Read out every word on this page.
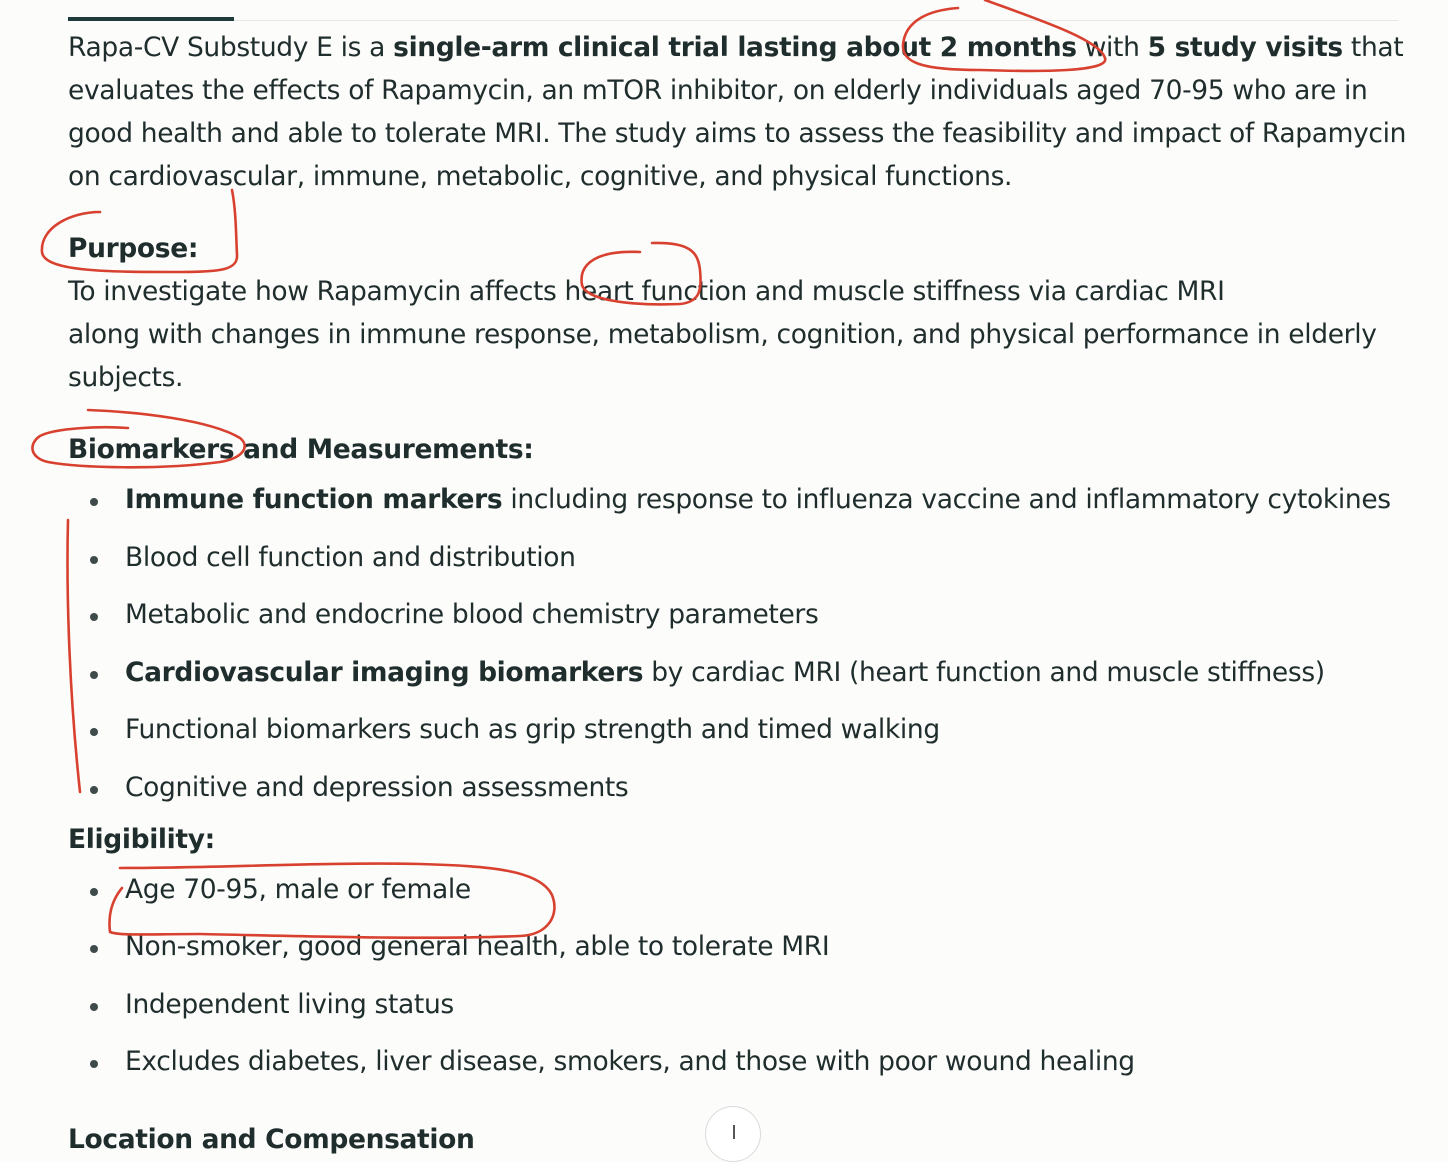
Rapa-CV Substudy E is a single-arm clinical trial lasting about 2 months with 5 study visits that evaluates the effects of Rapamycin, an mTOR inhibitor, on elderly individuals aged 70-95 who are in good health and able to tolerate MRI. The study aims to assess the feasibility and impact of Rapamycin on cardiovascular, immune, metabolic, cognitive, and physical functions.

Purpose:

To investigate how Rapamycin affects heart function and muscle stiffness via cardiac MRI
along with changes in immune response, metabolism, cognition, and physical performance in elderly subjects.

Biomarkers and Measurements:

Immune function markers including response to influenza vaccine and inflammatory cytokines
Blood cell function and distribution
Metabolic and endocrine blood chemistry parameters
Cardiovascular imaging biomarkers by cardiac MRI (heart function and muscle stiffness)
Functional biomarkers such as grip strength and timed walking
Cognitive and depression assessments

Eligibility:

Age 70-95, male or female
Non-smoker, good general health, able to tolerate MRI
Independent living status
Excludes diabetes, liver disease, smokers, and those with poor wound healing
Location and Compensation
